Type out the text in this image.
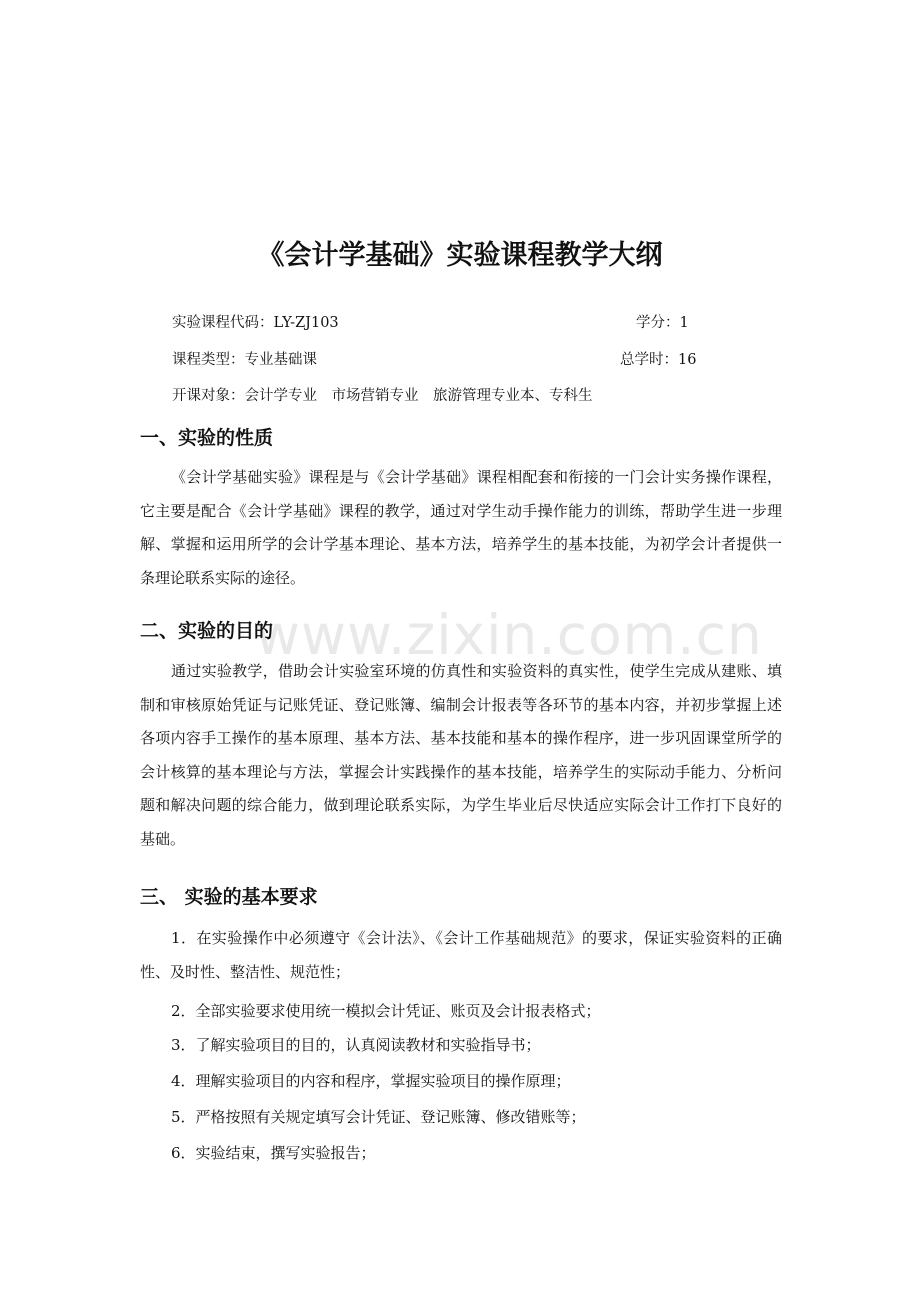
www.zixin.com.cn
《会计学基础》实验课程教学大纲
实验课程代码：LY-ZJ103	学分：1
课程类型：专业基础课	总学时：16
开课对象：会计学专业　市场营销专业　旅游管理专业本、专科生
一、实验的性质
《会计学基础实验》课程是与《会计学基础》课程相配套和衔接的一门会计实务操作课程，它主要是配合《会计学基础》课程的教学，通过对学生动手操作能力的训练，帮助学生进一步理解、掌握和运用所学的会计学基本理论、基本方法，培养学生的基本技能，为初学会计者提供一条理论联系实际的途径。
二、实验的目的
通过实验教学，借助会计实验室环境的仿真性和实验资料的真实性，使学生完成从建账、填制和审核原始凭证与记账凭证、登记账簿、编制会计报表等各环节的基本内容，并初步掌握上述各项内容手工操作的基本原理、基本方法、基本技能和基本的操作程序，进一步巩固课堂所学的会计核算的基本理论与方法，掌握会计实践操作的基本技能，培养学生的实际动手能力、分析问题和解决问题的综合能力，做到理论联系实际，为学生毕业后尽快适应实际会计工作打下良好的基础。
三、 实验的基本要求
1．在实验操作中必须遵守《会计法》、《会计工作基础规范》的要求，保证实验资料的正确性、及时性、整洁性、规范性；
2．全部实验要求使用统一模拟会计凭证、账页及会计报表格式；
3．了解实验项目的目的，认真阅读教材和实验指导书；
4．理解实验项目的内容和程序，掌握实验项目的操作原理；
5．严格按照有关规定填写会计凭证、登记账簿、修改错账等；
6．实验结束，撰写实验报告；
